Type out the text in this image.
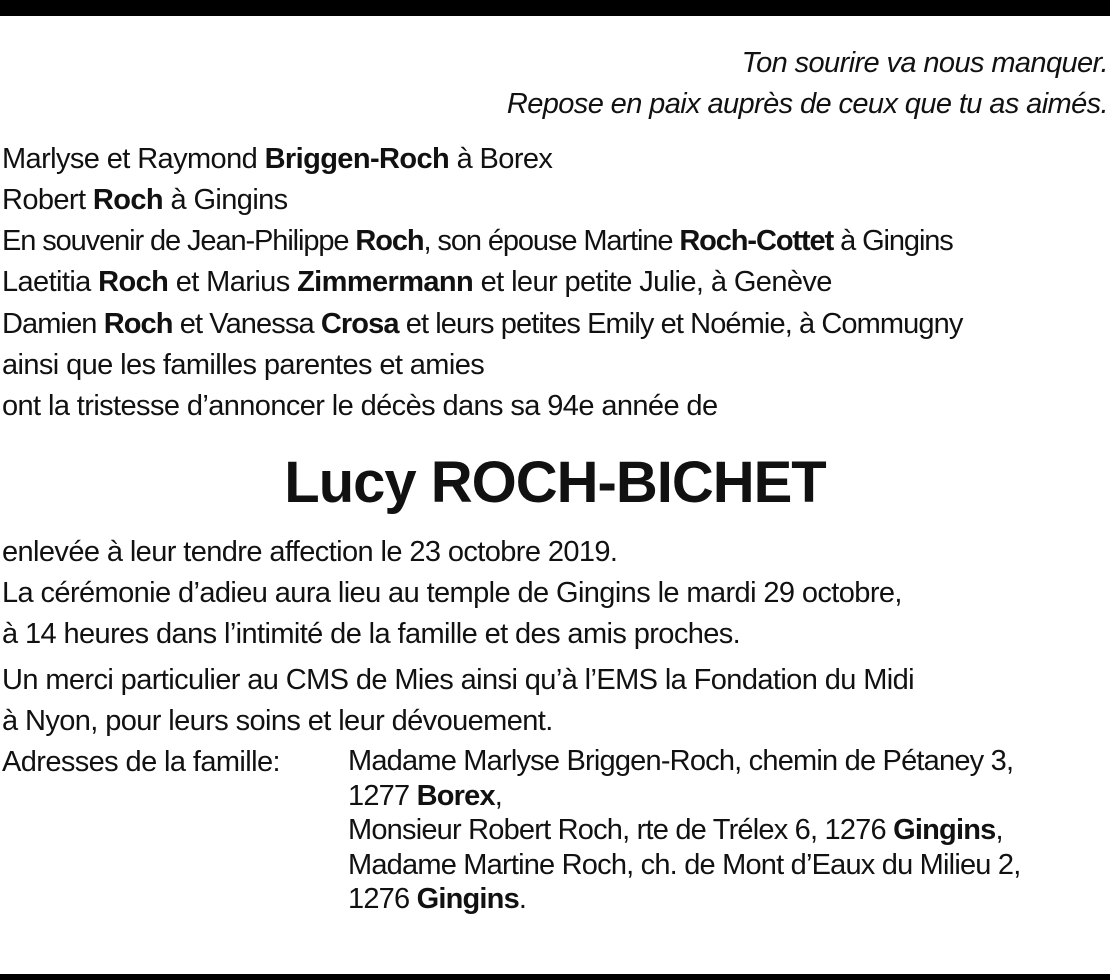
Ton sourire va nous manquer.
Repose en paix auprès de ceux que tu as aimés.
Marlyse et Raymond Briggen-Roch à Borex
Robert Roch à Gingins
En souvenir de Jean-Philippe Roch, son épouse Martine Roch-Cottet à Gingins
Laetitia Roch et Marius Zimmermann et leur petite Julie, à Genève
Damien Roch et Vanessa Crosa et leurs petites Emily et Noémie, à Commugny
ainsi que les familles parentes et amies
ont la tristesse d’annoncer le décès dans sa 94e année de
Lucy ROCH-BICHET
enlevée à leur tendre affection le 23 octobre 2019.
La cérémonie d’adieu aura lieu au temple de Gingins le mardi 29 octobre,
à 14 heures dans l’intimité de la famille et des amis proches.
Un merci particulier au CMS de Mies ainsi qu’à l’EMS la Fondation du Midi
à Nyon, pour leurs soins et leur dévouement.
Adresses de la famille: Madame Marlyse Briggen-Roch, chemin de Pétaney 3,
1277 Borex,
Monsieur Robert Roch, rte de Trélex 6, 1276 Gingins,
Madame Martine Roch, ch. de Mont d’Eaux du Milieu 2,
1276 Gingins.
